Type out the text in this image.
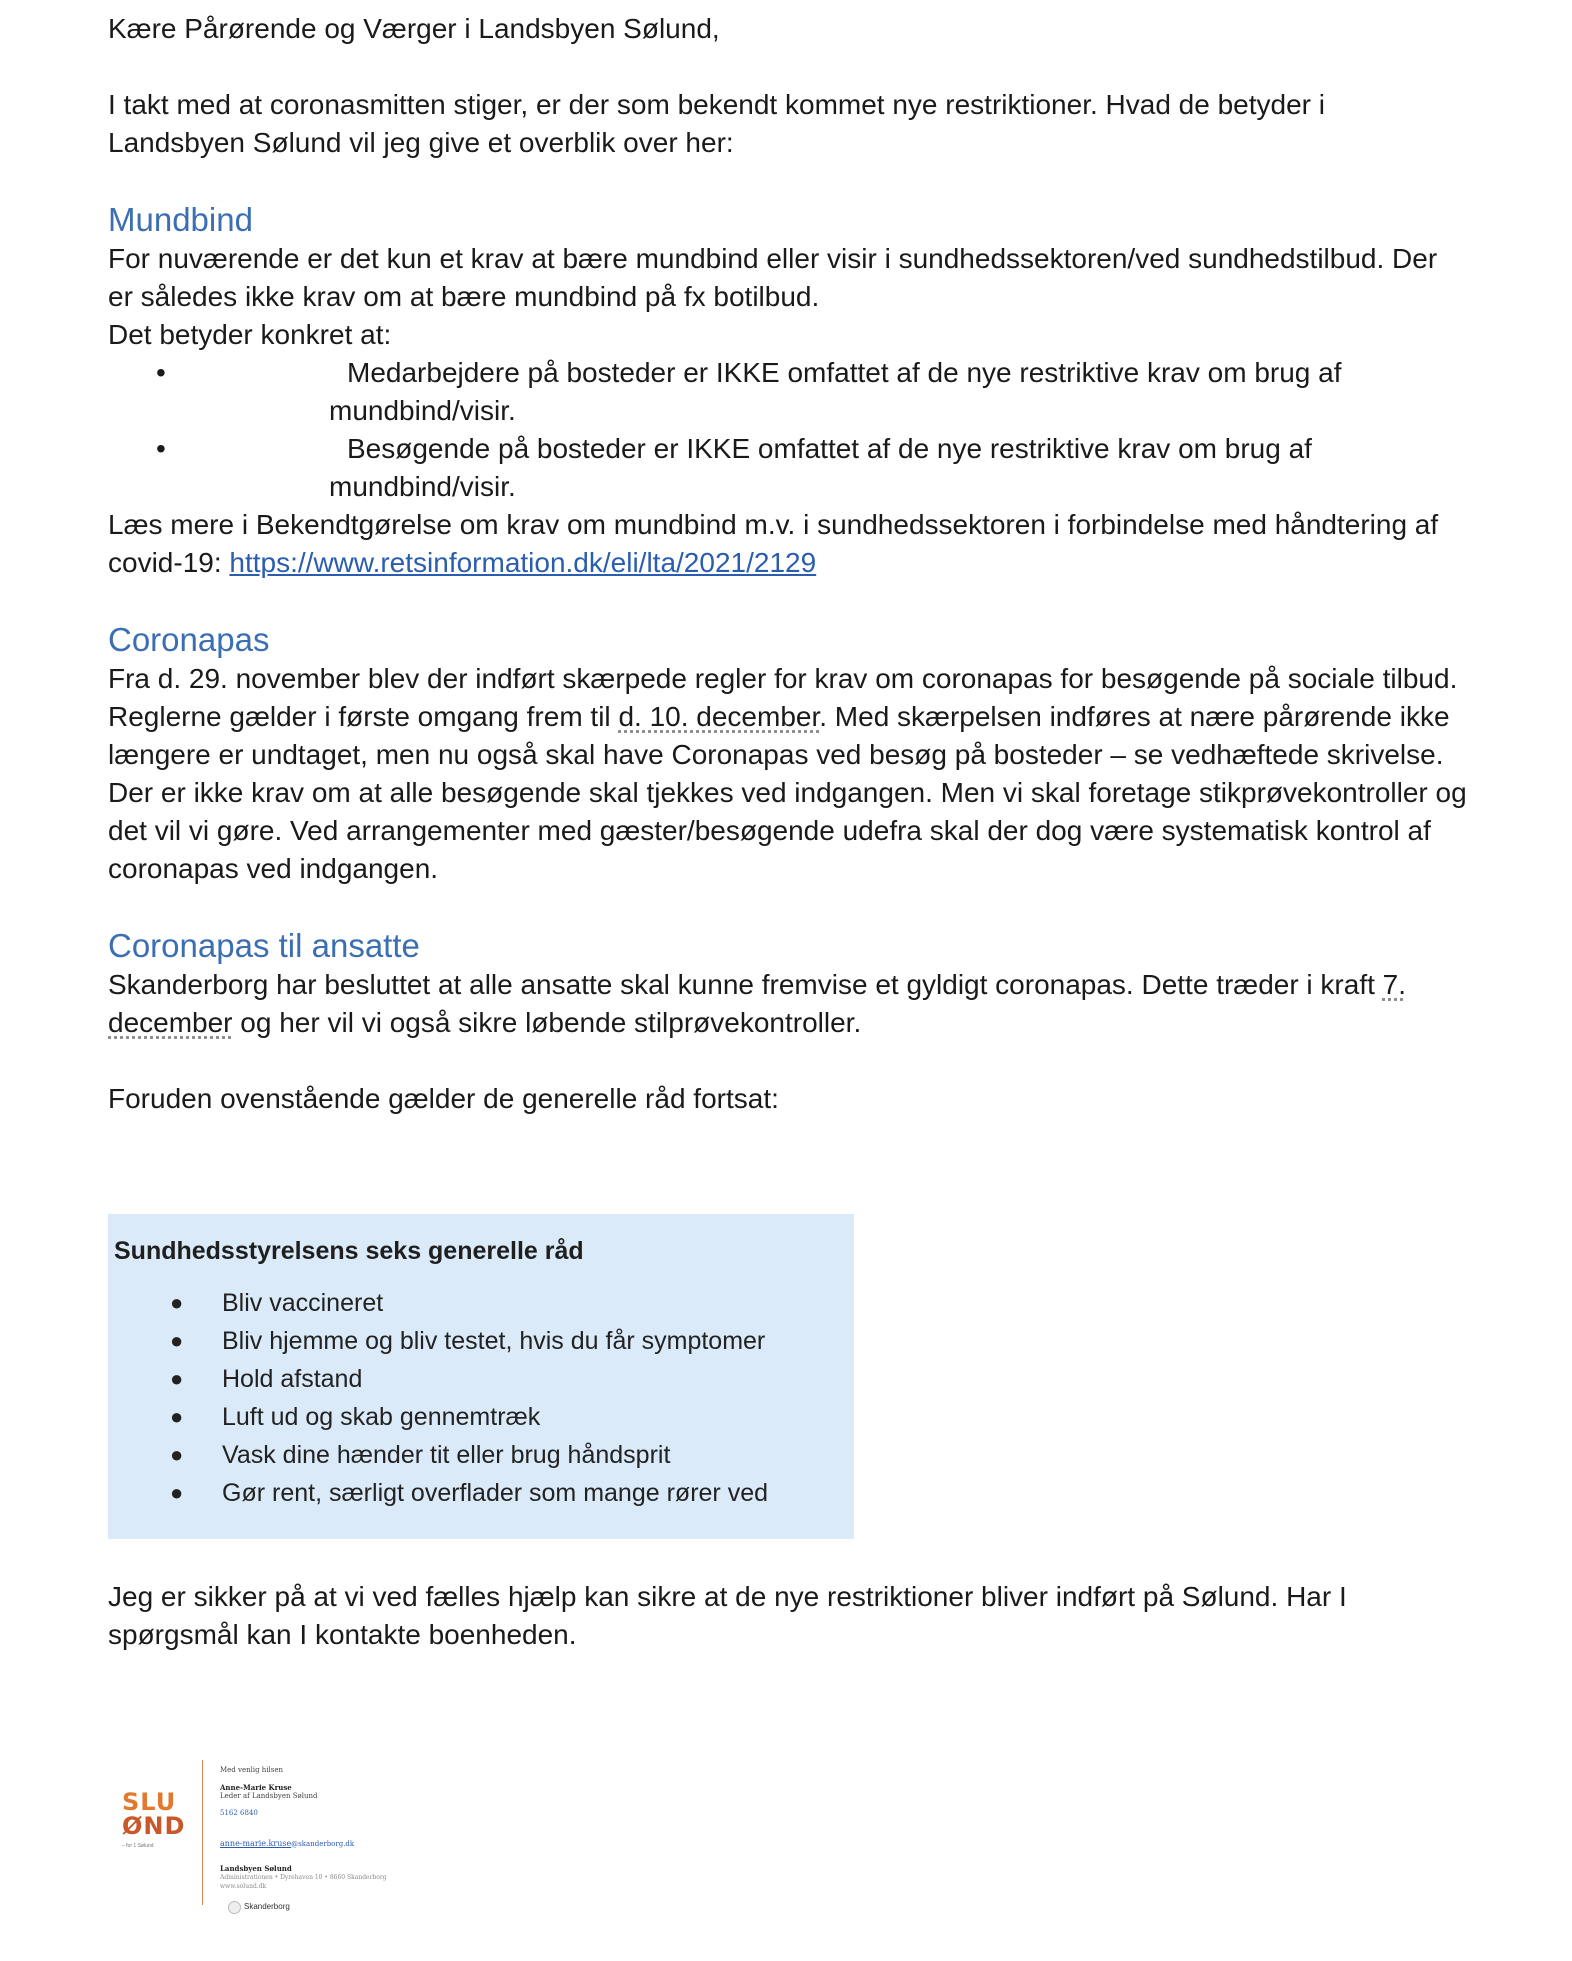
Kære Pårørende og Værger i Landsbyen Sølund,

I takt med at coronasmitten stiger, er der som bekendt kommet nye restriktioner. Hvad de betyder i Landsbyen Sølund vil jeg give et overblik over her:

Mundbind

For nuværende er det kun et krav at bære mundbind eller visir i sundhedssektoren/ved sundhedstilbud. Der er således ikke krav om at bære mundbind på fx botilbud.

Det betyder konkret at:

•	Medarbejdere på bosteder er IKKE omfattet af de nye restriktive krav om brug af mundbind/visir.
•	Besøgende på bosteder er IKKE omfattet af de nye restriktive krav om brug af mundbind/visir.

Læs mere i Bekendtgørelse om krav om mundbind m.v. i sundhedssektoren i forbindelse med håndtering af covid-19: https://www.retsinformation.dk/eli/lta/2021/2129

Coronapas

Fra d. 29. november blev der indført skærpede regler for krav om coronapas for besøgende på sociale tilbud. Reglerne gælder i første omgang frem til d. 10. december. Med skærpelsen indføres at nære pårørende ikke længere er undtaget, men nu også skal have Coronapas ved besøg på bosteder – se vedhæftede skrivelse.

Der er ikke krav om at alle besøgende skal tjekkes ved indgangen. Men vi skal foretage stikprøvekontroller og det vil vi gøre. Ved arrangementer med gæster/besøgende udefra skal der dog være systematisk kontrol af coronapas ved indgangen.

Coronapas til ansatte

Skanderborg har besluttet at alle ansatte skal kunne fremvise et gyldigt coronapas. Dette træder i kraft 7. december og her vil vi også sikre løbende stilprøvekontroller.

Foruden ovenstående gælder de generelle råd fortsat:

Sundhedsstyrelsens seks generelle råd
● Bliv vaccineret
● Bliv hjemme og bliv testet, hvis du får symptomer
● Hold afstand
● Luft ud og skab gennemtræk
● Vask dine hænder tit eller brug håndsprit
● Gør rent, særligt overflader som mange rører ved

Jeg er sikker på at vi ved fælles hjælp kan sikre at de nye restriktioner bliver indført på Sølund. Har I spørgsmål kan I kontakte boenheden.

SLU
ØND
– for 1 Sølund
Med venlig hilsen
Anne-Marie Kruse
Leder af Landsbyen Sølund
5162 6840
anne-marie.kruse@skanderborg.dk
Landsbyen Sølund
Administrationen • Dyrehaven 10 • 8660 Skanderborg
www.solund.dk
Skanderborg
